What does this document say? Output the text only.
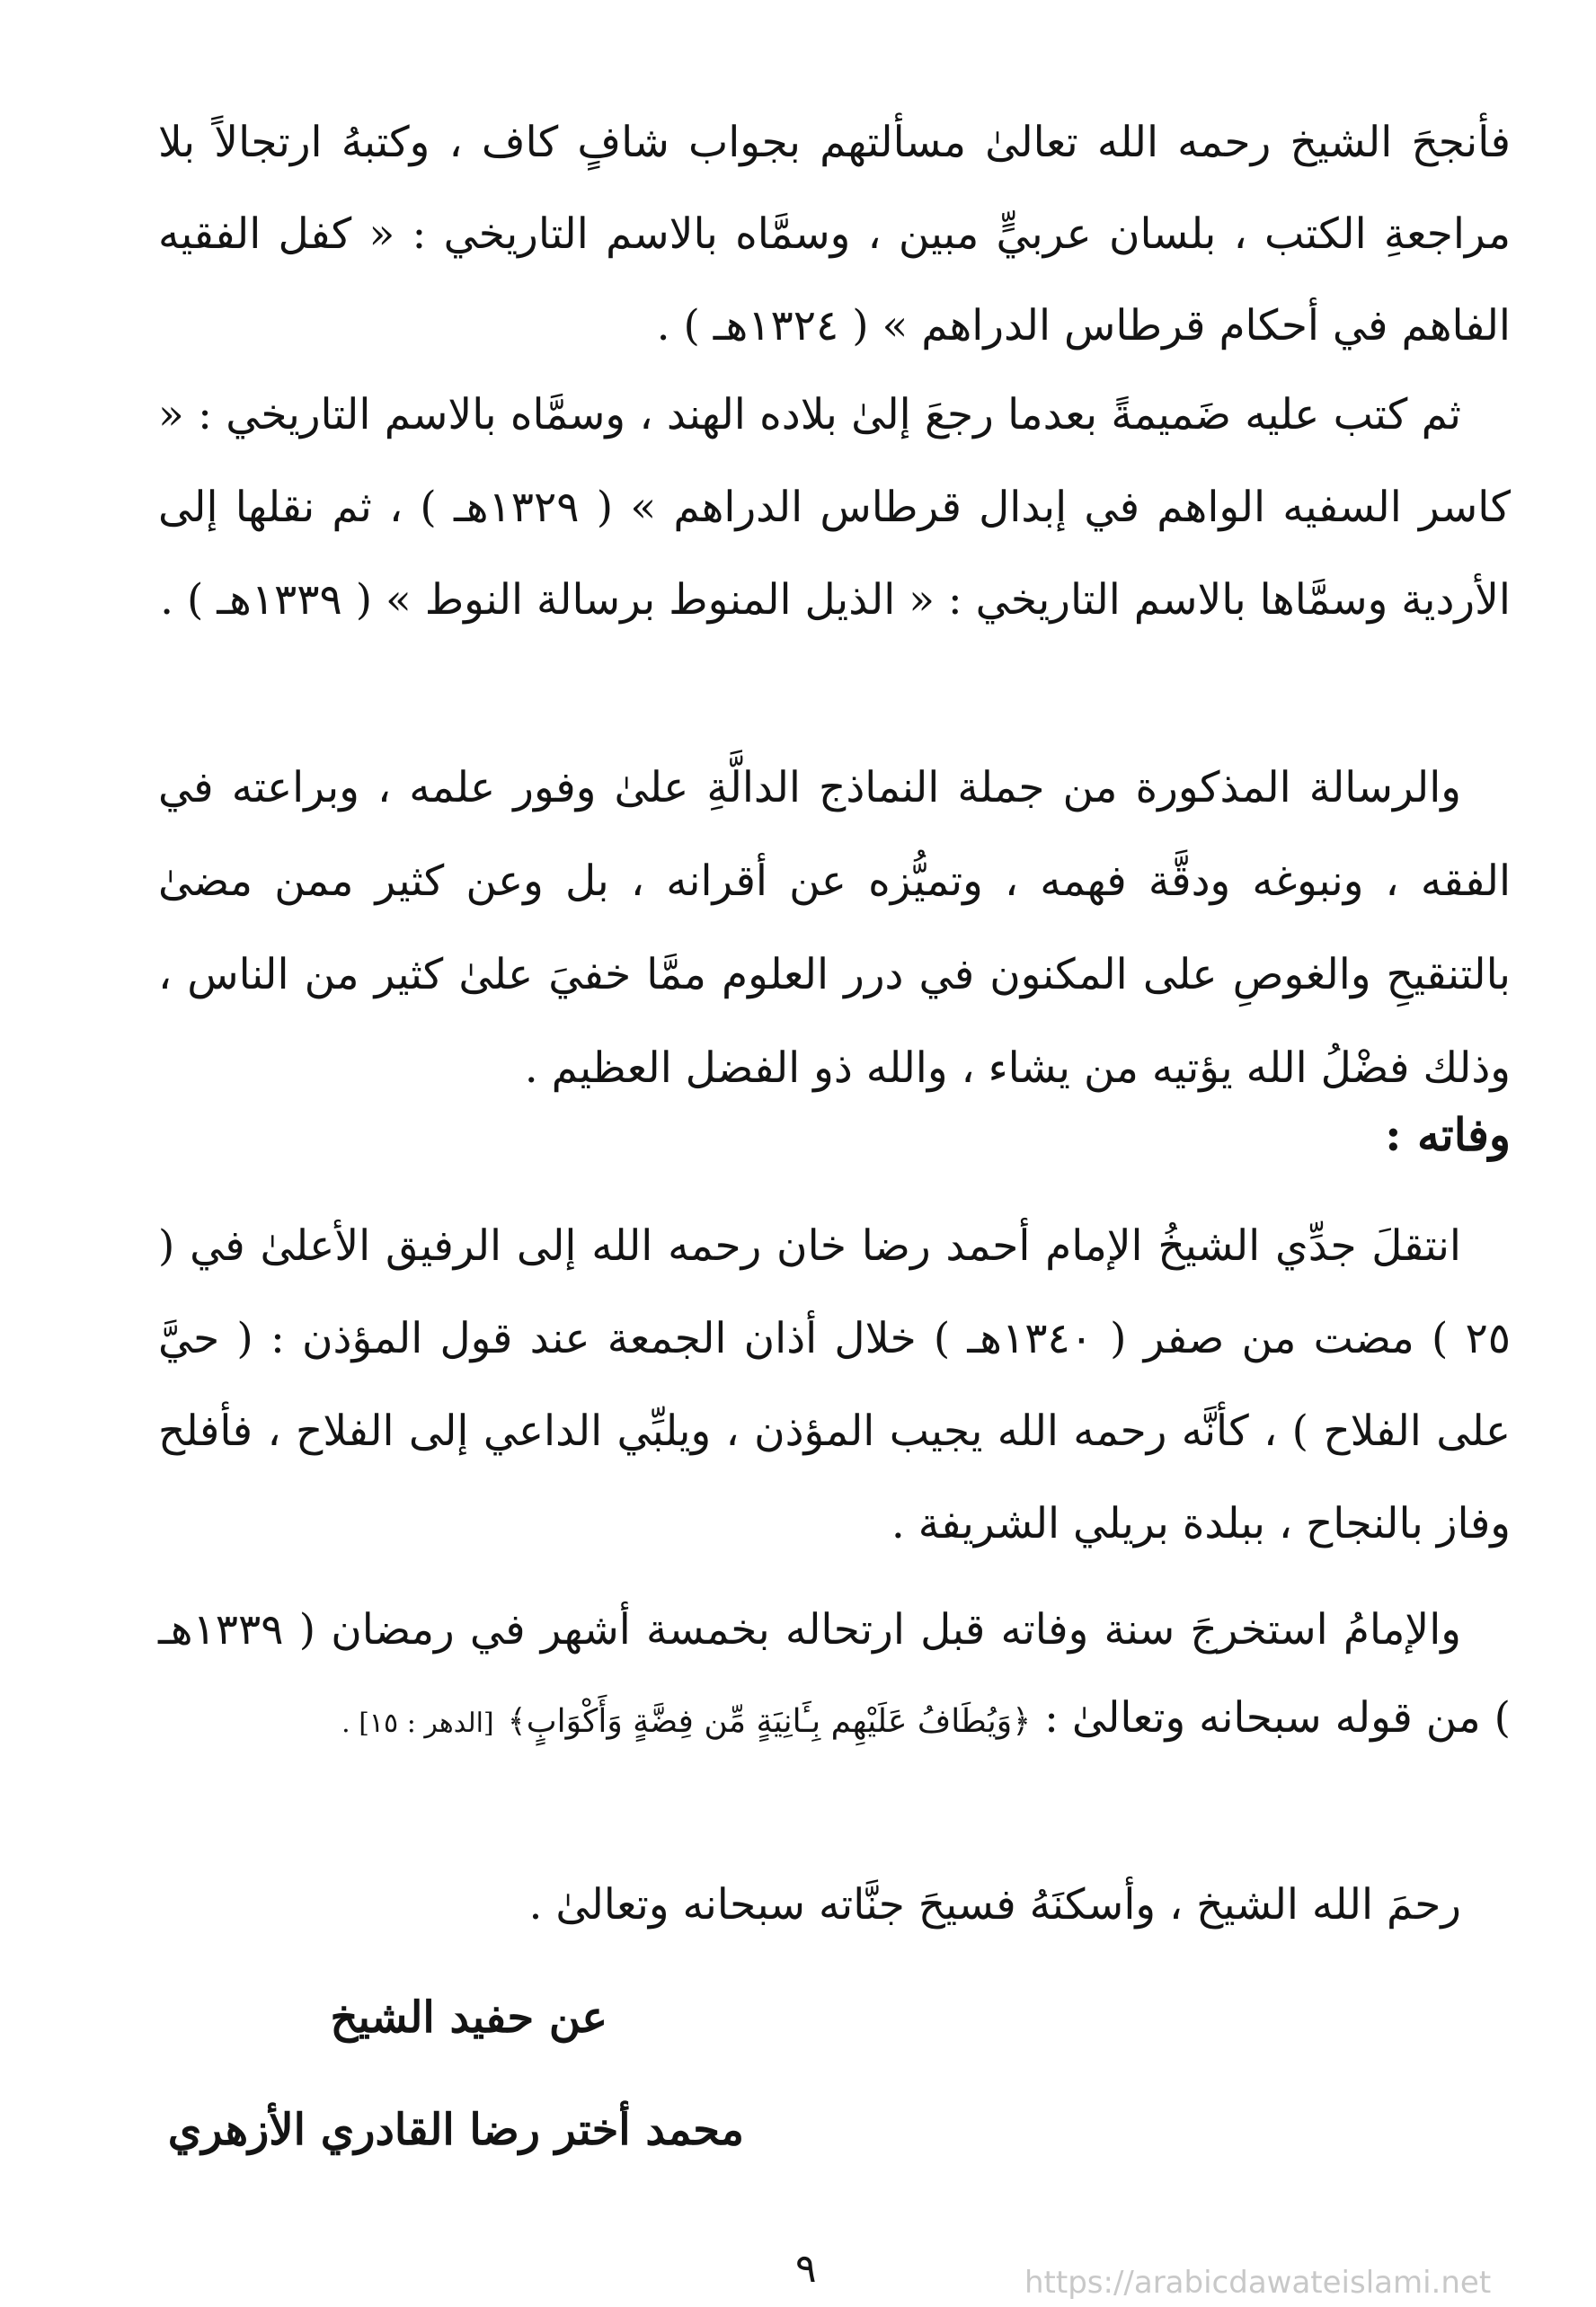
فأنجحَ الشيخ رحمه الله تعالىٰ مسألتهم بجواب شافٍ كاف ، وكتبهُ ارتجالاً بلا مراجعةِ الكتب ، بلسان عربيٍّ مبين ، وسمَّاه بالاسم التاريخي : « كفل الفقيه الفاهم في أحكام قرطاس الدراهم » ( ١٣٢٤هـ ) .

ثم كتب عليه ضَميمةً بعدما رجعَ إلىٰ بلاده الهند ، وسمَّاه بالاسم التاريخي : « كاسر السفيه الواهم في إبدال قرطاس الدراهم » ( ١٣٢٩هـ ) ، ثم نقلها إلى الأردية وسمَّاها بالاسم التاريخي : « الذيل المنوط برسالة النوط » ( ١٣٣٩هـ ) .

والرسالة المذكورة من جملة النماذج الدالَّةِ علىٰ وفور علمه ، وبراعته في الفقه ، ونبوغه ودقَّة فهمه ، وتميُّزه عن أقرانه ، بل وعن كثير ممن مضىٰ بالتنقيحِ والغوصِ على المكنون في درر العلوم ممَّا خفيَ علىٰ كثير من الناس ، وذلك فضْلُ الله يؤتيه من يشاء ، والله ذو الفضل العظيم .

وفاته :

انتقلَ جدِّي الشيخُ الإمام أحمد رضا خان رحمه الله إلى الرفيق الأعلىٰ في ( ٢٥ ) مضت من صفر ( ١٣٤٠هـ ) خلال أذان الجمعة عند قول المؤذن : ( حيَّ على الفلاح ) ، كأنَّه رحمه الله يجيب المؤذن ، ويلبِّي الداعي إلى الفلاح ، فأفلح وفاز بالنجاح ، ببلدة بريلي الشريفة .

والإمامُ استخرجَ سنة وفاته قبل ارتحاله بخمسة أشهر في رمضان ( ١٣٣٩هـ ) من قوله سبحانه وتعالىٰ : ﴿وَيُطَافُ عَلَيْهِم بِـَٔانِيَةٍ مِّن فِضَّةٍ وَأَكْوَابٍ﴾ [الدهر : ١٥] .

رحمَ الله الشيخ ، وأسكنَهُ فسيحَ جنَّاته سبحانه وتعالىٰ .

عن حفيد الشيخ

محمد أختر رضا القادري الأزهري

٩	https://arabicdawateislami.net
